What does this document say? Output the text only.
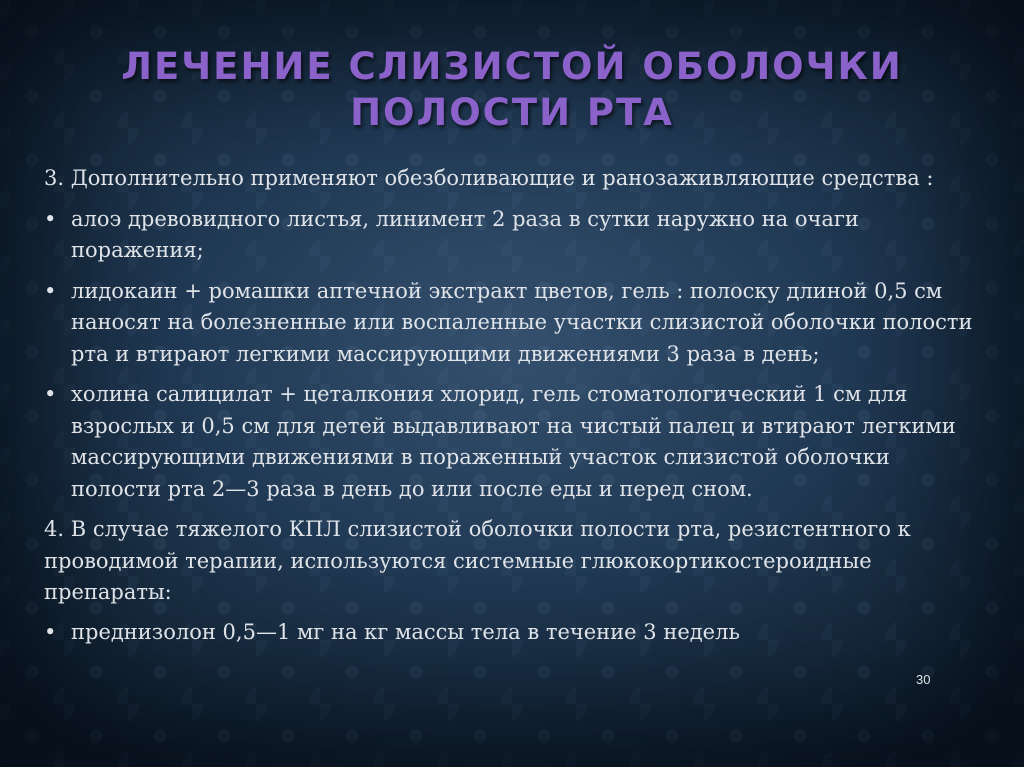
ЛЕЧЕНИЕ СЛИЗИСТОЙ ОБОЛОЧКИ
ПОЛОСТИ РТА

3. Дополнительно применяют обезболивающие и ранозаживляющие средства :

• алоэ древовидного листья, линимент 2 раза в сутки наружно на очаги поражения;
• лидокаин + ромашки аптечной экстракт цветов, гель : полоску длиной 0,5 см наносят на болезненные или воспаленные участки слизистой оболочки полости рта и втирают легкими массирующими движениями 3 раза в день;
• холина салицилат + цеталкония хлорид, гель стоматологический 1 см для взрослых и 0,5 см для детей выдавливают на чистый палец и втирают легкими массирующими движениями в пораженный участок слизистой оболочки полости рта 2—3 раза в день до или после еды и перед сном.

4. В случае тяжелого КПЛ слизистой оболочки полости рта, резистентного к проводимой терапии, используются системные глюкокортикостероидные препараты:

• преднизолон 0,5—1 мг на кг массы тела в течение 3 недель
30
